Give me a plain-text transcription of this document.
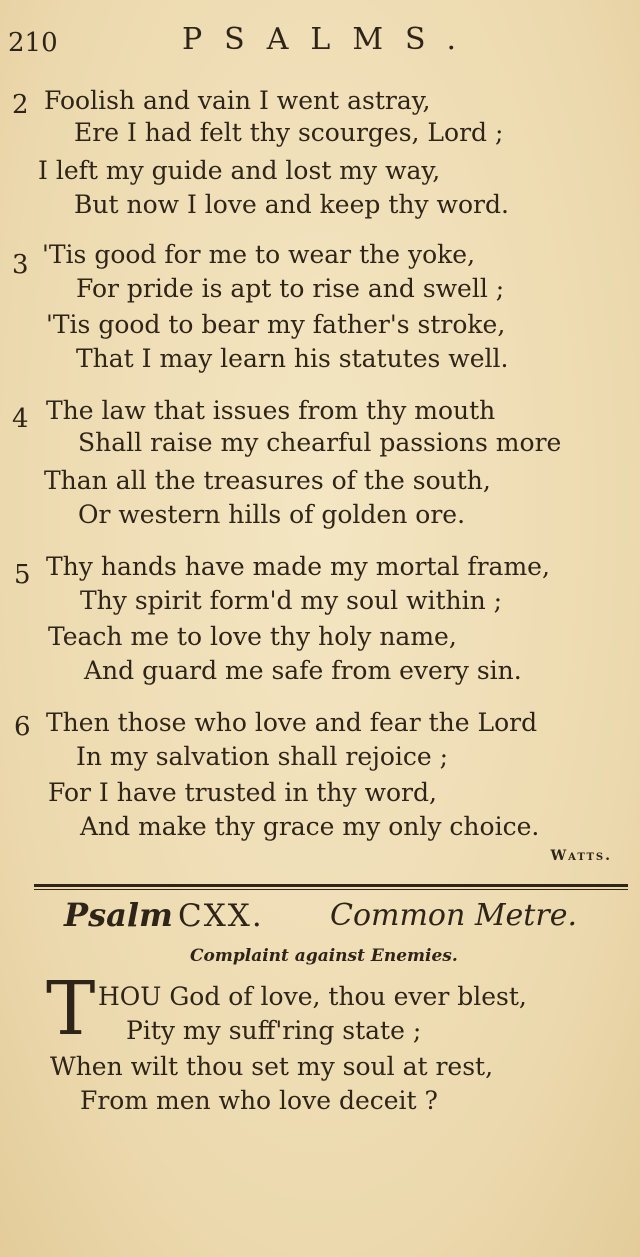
210	PSALMS.
2 Foolish and vain I went astray,
Ere I had felt thy scourges, Lord ;
I left my guide and lost my way,
But now I love and keep thy word.
3 'Tis good for me to wear the yoke,
For pride is apt to rise and swell ;
'Tis good to bear my father's stroke,
That I may learn his statutes well.
4 The law that issues from thy mouth
Shall raise my chearful passions more
Than all the treasures of the south,
Or western hills of golden ore.
5 Thy hands have made my mortal frame,
Thy spirit form'd my soul within ;
Teach me to love thy holy name,
And guard me safe from every sin.
6 Then those who love and fear the Lord
In my salvation shall rejoice ;
For I have trusted in thy word,
And make thy grace my only choice.
Watts.
Psalm CXX. Common Metre.
Complaint against Enemies.
T HOU God of love, thou ever blest,
Pity my suff'ring state ;
When wilt thou set my soul at rest,
From men who love deceit ?
